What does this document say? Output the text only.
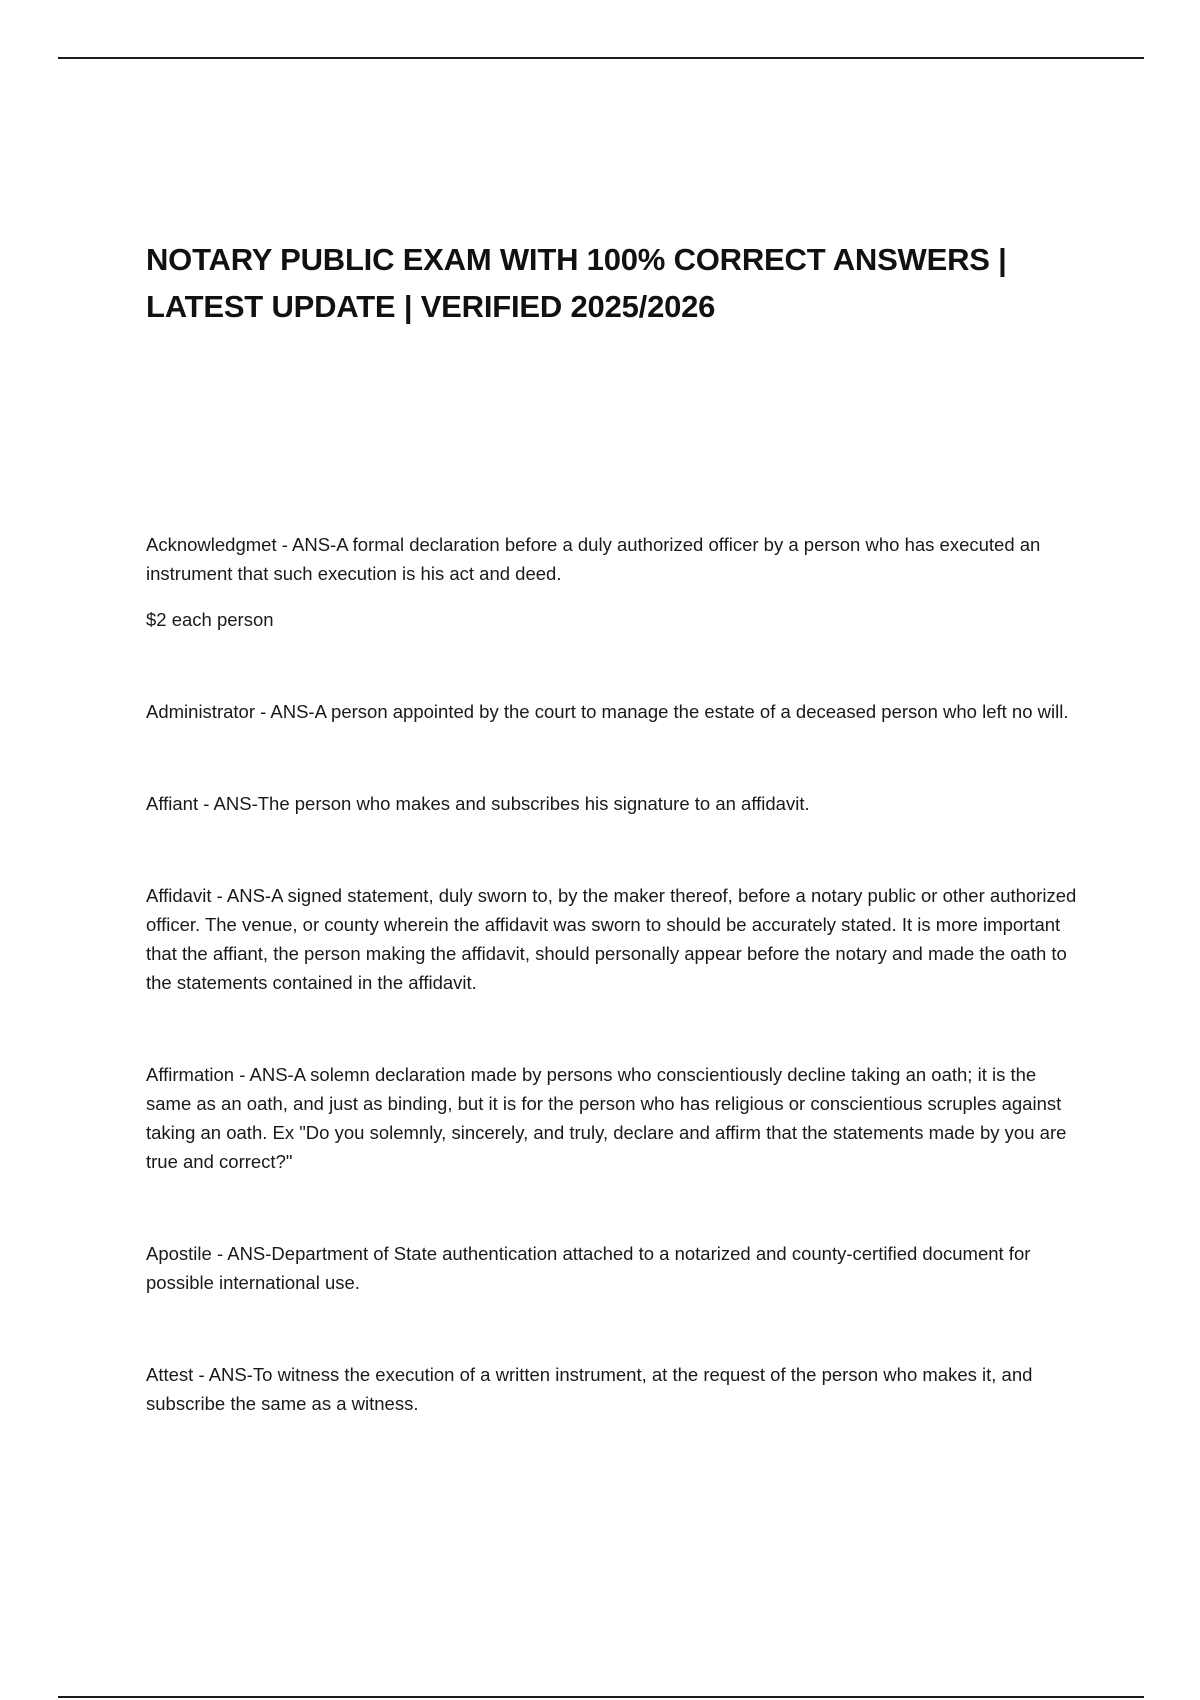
NOTARY PUBLIC EXAM WITH 100% CORRECT ANSWERS | LATEST UPDATE | VERIFIED 2025/2026

Acknowledgmet - ANS-A formal declaration before a duly authorized officer by a person who has executed an instrument that such execution is his act and deed.

$2 each person

Administrator - ANS-A person appointed by the court to manage the estate of a deceased person who left no will.

Affiant - ANS-The person who makes and subscribes his signature to an affidavit.

Affidavit - ANS-A signed statement, duly sworn to, by the maker thereof, before a notary public or other authorized officer. The venue, or county wherein the affidavit was sworn to should be accurately stated. It is more important that the affiant, the person making the affidavit, should personally appear before the notary and made the oath to the statements contained in the affidavit.

Affirmation - ANS-A solemn declaration made by persons who conscientiously decline taking an oath; it is the same as an oath, and just as binding, but it is for the person who has religious or conscientious scruples against taking an oath. Ex "Do you solemnly, sincerely, and truly, declare and affirm that the statements made by you are true and correct?"

Apostile - ANS-Department of State authentication attached to a notarized and county-certified document for possible international use.

Attest - ANS-To witness the execution of a written instrument, at the request of the person who makes it, and subscribe the same as a witness.
